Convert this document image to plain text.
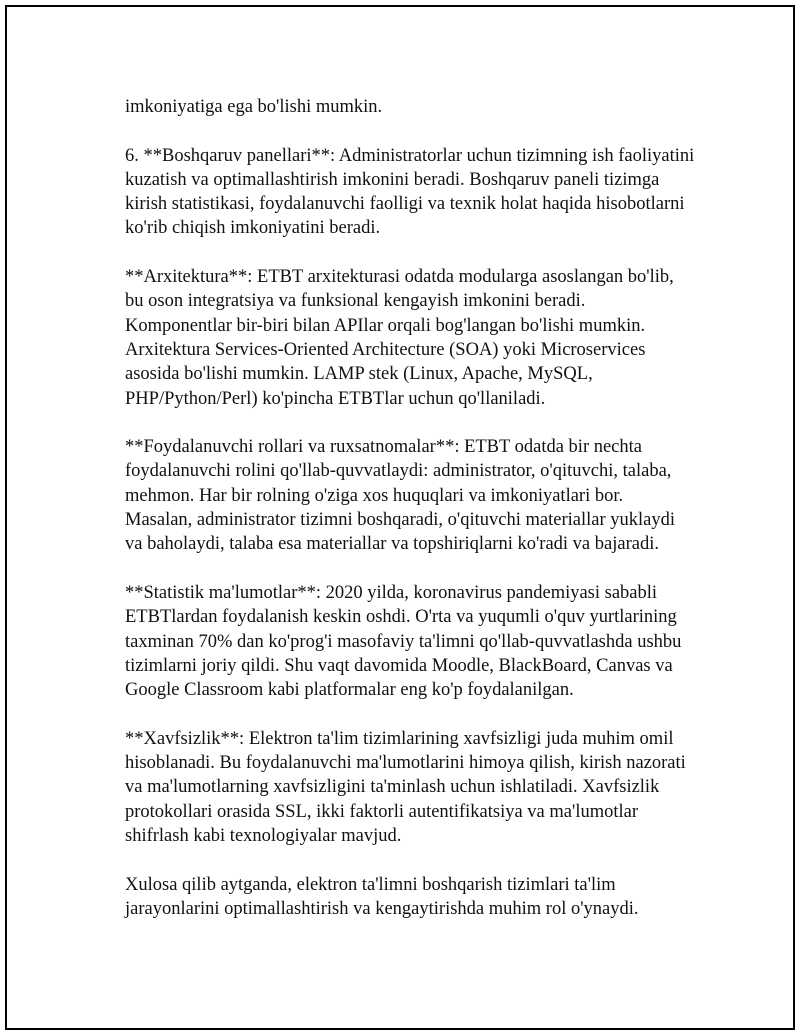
imkoniyatiga ega bo'lishi mumkin.

6. **Boshqaruv panellari**: Administratorlar uchun tizimning ish faoliyatini
kuzatish va optimallashtirish imkonini beradi. Boshqaruv paneli tizimga
kirish statistikasi, foydalanuvchi faolligi va texnik holat haqida hisobotlarni
ko'rib chiqish imkoniyatini beradi.

**Arxitektura**: ETBT arxitekturasi odatda modularga asoslangan bo'lib,
bu oson integratsiya va funksional kengayish imkonini beradi.
Komponentlar bir-biri bilan APIlar orqali bog'langan bo'lishi mumkin.
Arxitektura Services-Oriented Architecture (SOA) yoki Microservices
asosida bo'lishi mumkin. LAMP stek (Linux, Apache, MySQL,
PHP/Python/Perl) ko'pincha ETBTlar uchun qo'llaniladi.

**Foydalanuvchi rollari va ruxsatnomalar**: ETBT odatda bir nechta
foydalanuvchi rolini qo'llab-quvvatlaydi: administrator, o'qituvchi, talaba,
mehmon. Har bir rolning o'ziga xos huquqlari va imkoniyatlari bor.
Masalan, administrator tizimni boshqaradi, o'qituvchi materiallar yuklaydi
va baholaydi, talaba esa materiallar va topshiriqlarni ko'radi va bajaradi.

**Statistik ma'lumotlar**: 2020 yilda, koronavirus pandemiyasi sababli
ETBTlardan foydalanish keskin oshdi. O'rta va yuqumli o'quv yurtlarining
taxminan 70% dan ko'prog'i masofaviy ta'limni qo'llab-quvvatlashda ushbu
tizimlarni joriy qildi. Shu vaqt davomida Moodle, BlackBoard, Canvas va
Google Classroom kabi platformalar eng ko'p foydalanilgan.

**Xavfsizlik**: Elektron ta'lim tizimlarining xavfsizligi juda muhim omil
hisoblanadi. Bu foydalanuvchi ma'lumotlarini himoya qilish, kirish nazorati
va ma'lumotlarning xavfsizligini ta'minlash uchun ishlatiladi. Xavfsizlik
protokollari orasida SSL, ikki faktorli autentifikatsiya va ma'lumotlar
shifrlash kabi texnologiyalar mavjud.

Xulosa qilib aytganda, elektron ta'limni boshqarish tizimlari ta'lim
jarayonlarini optimallashtirish va kengaytirishda muhim rol o'ynaydi.
